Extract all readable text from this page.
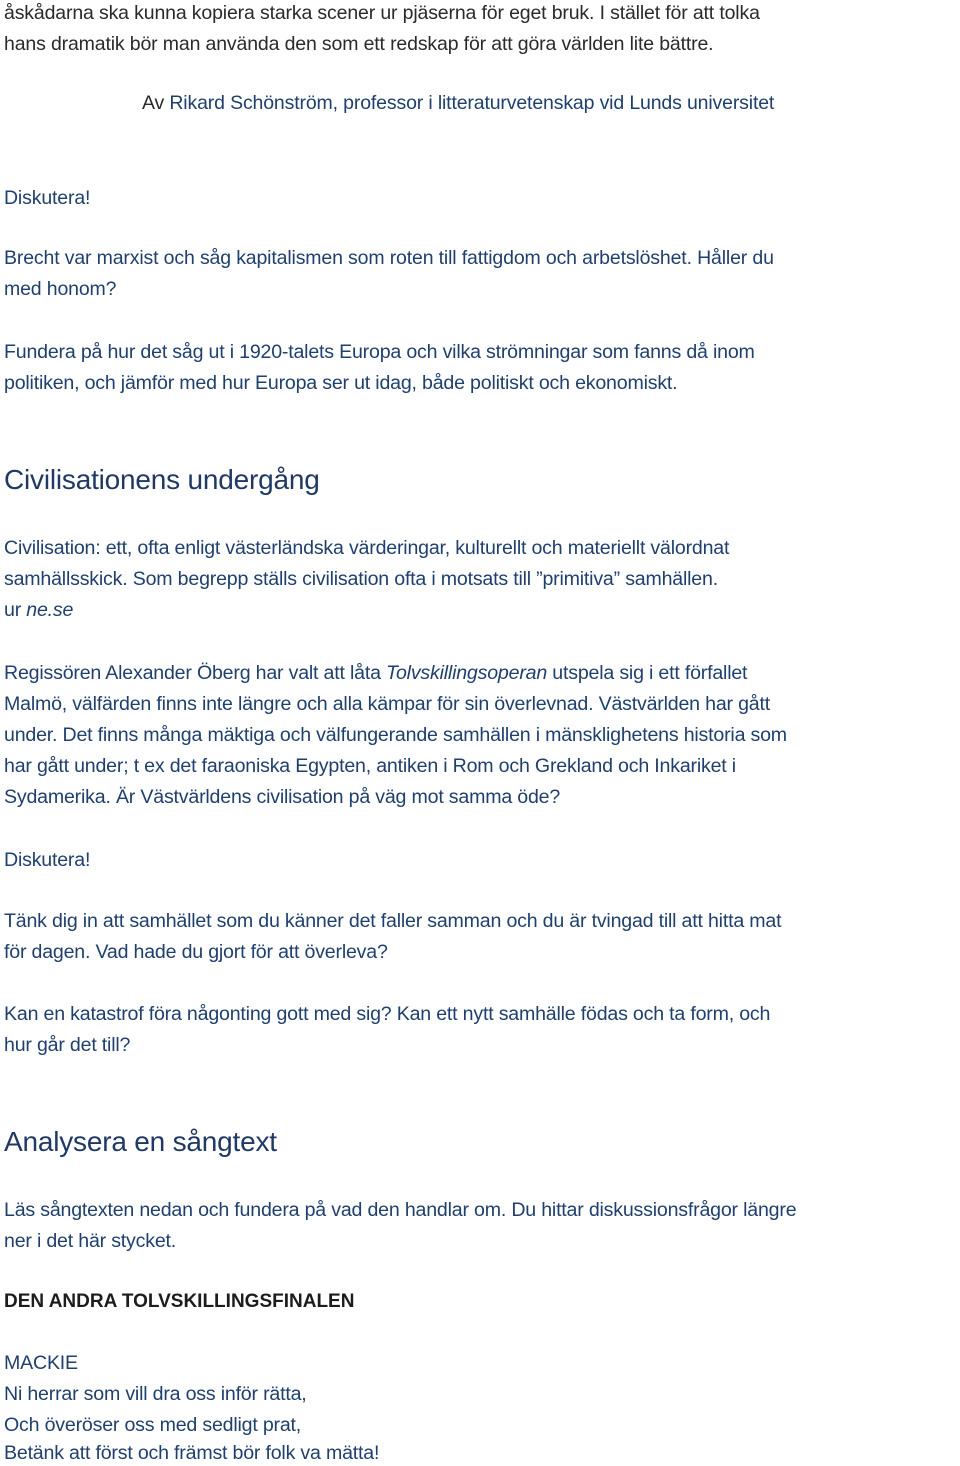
åskådarna ska kunna kopiera starka scener ur pjäserna för eget bruk. I stället för att tolka
hans dramatik bör man använda den som ett redskap för att göra världen lite bättre.
Av Rikard Schönström, professor i litteraturvetenskap vid Lunds universitet
Diskutera!
Brecht var marxist och såg kapitalismen som roten till fattigdom och arbetslöshet. Håller du
med honom?
Fundera på hur det såg ut i 1920-talets Europa och vilka strömningar som fanns då inom
politiken, och jämför med hur Europa ser ut idag, både politiskt och ekonomiskt.
Civilisationens undergång
Civilisation: ett, ofta enligt västerländska värderingar, kulturellt och materiellt välordnat
samhällsskick. Som begrepp ställs civilisation ofta i motsats till ”primitiva” samhällen.
ur ne.se
Regissören Alexander Öberg har valt att låta Tolvskillingsoperan utspela sig i ett förfallet
Malmö, välfärden finns inte längre och alla kämpar för sin överlevnad. Västvärlden har gått
under. Det finns många mäktiga och välfungerande samhällen i mänsklighetens historia som
har gått under; t ex det faraoniska Egypten, antiken i Rom och Grekland och Inkariket i
Sydamerika. Är Västvärldens civilisation på väg mot samma öde?
Diskutera!
Tänk dig in att samhället som du känner det faller samman och du är tvingad till att hitta mat
för dagen. Vad hade du gjort för att överleva?
Kan en katastrof föra någonting gott med sig? Kan ett nytt samhälle födas och ta form, och
hur går det till?
Analysera en sångtext
Läs sångtexten nedan och fundera på vad den handlar om. Du hittar diskussionsfrågor längre
ner i det här stycket.
DEN ANDRA TOLVSKILLINGSFINALEN
MACKIE
Ni herrar som vill dra oss inför rätta,
Och överöser oss med sedligt prat,
Betänk att först och främst bör folk va mätta!
